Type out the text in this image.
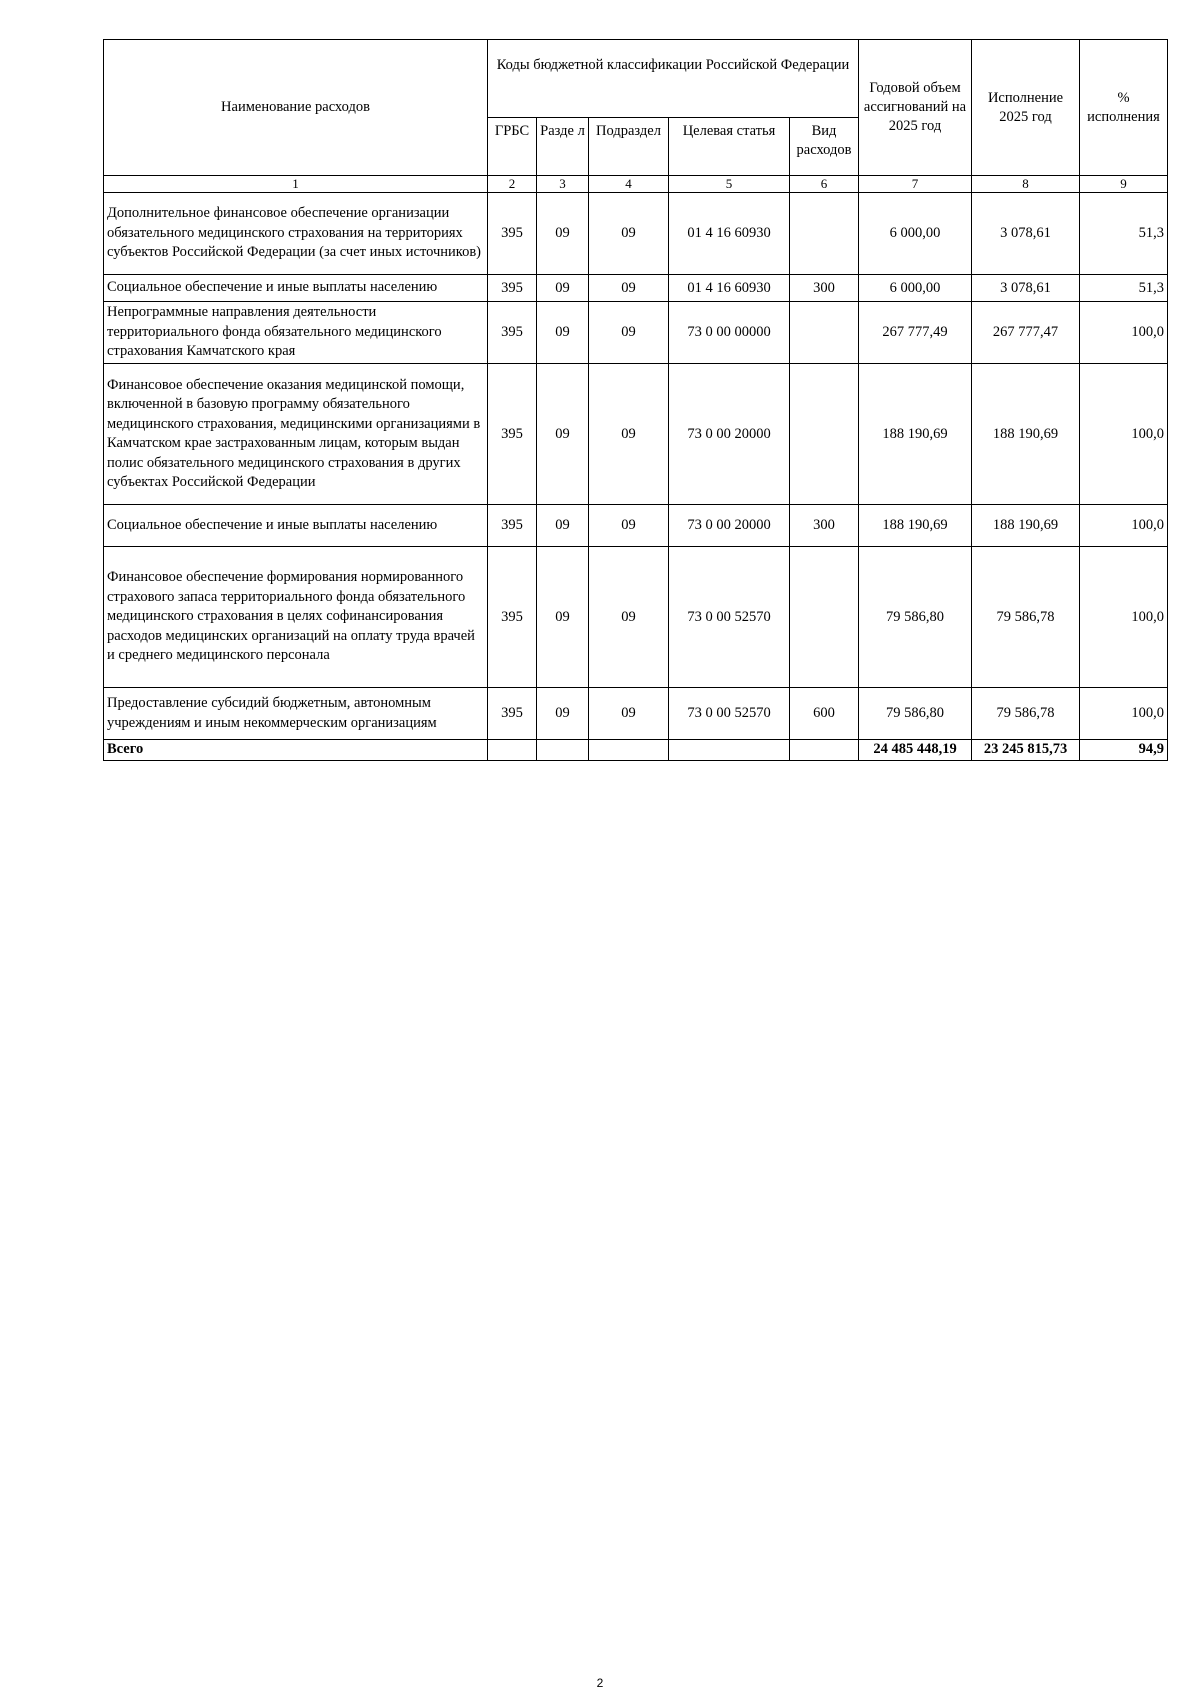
Наименование расходов	Коды бюджетной классификации Российской Федерации					Годовой объем ассигнований на 2025 год	Исполнение 2025 год	% исполнения
	ГРБС	Разде л	Подраздел	Целевая статья	Вид расходов			
1	2	3	4	5	6	7	8	9
Дополнительное финансовое обеспечение организации обязательного медицинского страхования на территориях субъектов Российской Федерации (за счет иных источников)	395	09	09	01 4 16 60930		6 000,00	3 078,61	51,3
Социальное обеспечение и иные выплаты населению	395	09	09	01 4 16 60930	300	6 000,00	3 078,61	51,3
Непрограммные направления деятельности территориального фонда обязательного медицинского страхования Камчатского края	395	09	09	73 0 00 00000		267 777,49	267 777,47	100,0
Финансовое обеспечение оказания медицинской помощи, включенной в базовую программу обязательного медицинского страхования, медицинскими организациями в Камчатском крае застрахованным лицам, которым выдан полис обязательного медицинского страхования в других субъектах Российской Федерации	395	09	09	73 0 00 20000		188 190,69	188 190,69	100,0
Социальное обеспечение и иные выплаты населению	395	09	09	73 0 00 20000	300	188 190,69	188 190,69	100,0
Финансовое обеспечение формирования нормированного страхового запаса территориального фонда обязательного медицинского страхования в целях софинансирования расходов медицинских организаций на оплату труда врачей и среднего медицинского персонала	395	09	09	73 0 00 52570		79 586,80	79 586,78	100,0
Предоставление субсидий бюджетным, автономным учреждениям и иным некоммерческим организациям	395	09	09	73 0 00 52570	600	79 586,80	79 586,78	100,0
Всего						24 485 448,19	23 245 815,73	94,9
2
